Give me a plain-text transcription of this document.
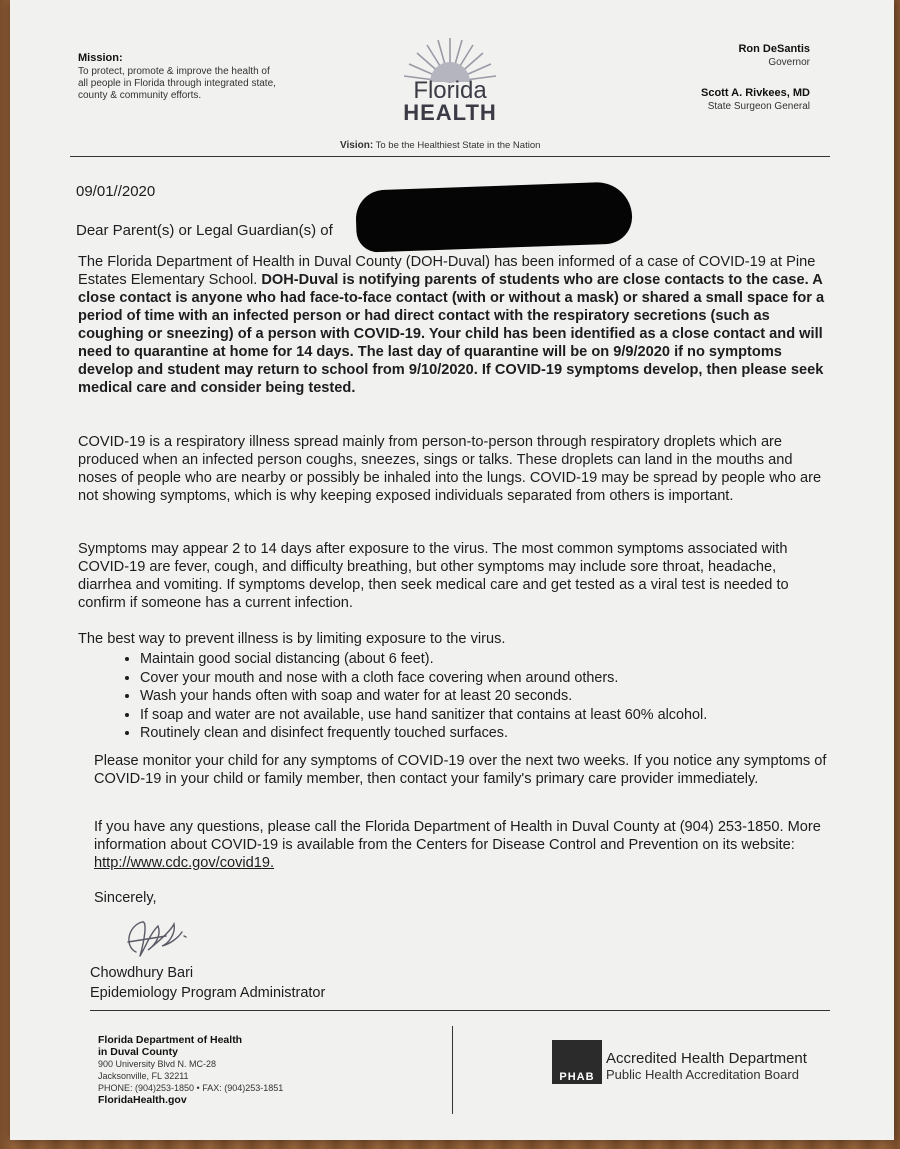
Mission:
To protect, promote & improve the health of all people in Florida through integrated state, county & community efforts.	Florida
HEALTH
Ron DeSantis
Governor
Scott A. Rivkees, MD
State Surgeon General
Vision: To be the Healthiest State in the Nation
09/01//2020
Dear Parent(s) or Legal Guardian(s) of
The Florida Department of Health in Duval County (DOH-Duval) has been informed of a case of COVID-19 at Pine Estates Elementary School. DOH-Duval is notifying parents of students who are close contacts to the case. A close contact is anyone who had face-to-face contact (with or without a mask) or shared a small space for a period of time with an infected person or had direct contact with the respiratory secretions (such as coughing or sneezing) of a person with COVID-19. Your child has been identified as a close contact and will need to quarantine at home for 14 days. The last day of quarantine will be on 9/9/2020 if no symptoms develop and student may return to school from 9/10/2020. If COVID-19 symptoms develop, then please seek medical care and consider being tested.
COVID-19 is a respiratory illness spread mainly from person-to-person through respiratory droplets which are produced when an infected person coughs, sneezes, sings or talks. These droplets can land in the mouths and noses of people who are nearby or possibly be inhaled into the lungs. COVID-19 may be spread by people who are not showing symptoms, which is why keeping exposed individuals separated from others is important.
Symptoms may appear 2 to 14 days after exposure to the virus. The most common symptoms associated with COVID-19 are fever, cough, and difficulty breathing, but other symptoms may include sore throat, headache, diarrhea and vomiting. If symptoms develop, then seek medical care and get tested as a viral test is needed to confirm if someone has a current infection.
The best way to prevent illness is by limiting exposure to the virus.
• Maintain good social distancing (about 6 feet).
• Cover your mouth and nose with a cloth face covering when around others.
• Wash your hands often with soap and water for at least 20 seconds.
• If soap and water are not available, use hand sanitizer that contains at least 60% alcohol.
• Routinely clean and disinfect frequently touched surfaces.
Please monitor your child for any symptoms of COVID-19 over the next two weeks. If you notice any symptoms of COVID-19 in your child or family member, then contact your family's primary care provider immediately.
If you have any questions, please call the Florida Department of Health in Duval County at (904) 253-1850. More information about COVID-19 is available from the Centers for Disease Control and Prevention on its website: http://www.cdc.gov/covid19.
Sincerely,
Chowdhury Bari
Epidemiology Program Administrator
Florida Department of Health
in Duval County
900 University Blvd N. MC-28
Jacksonville, FL 32211
PHONE: (904)253-1850 • FAX: (904)253-1851
FloridaHealth.gov
PHAB
Accredited Health Department
Public Health Accreditation Board
